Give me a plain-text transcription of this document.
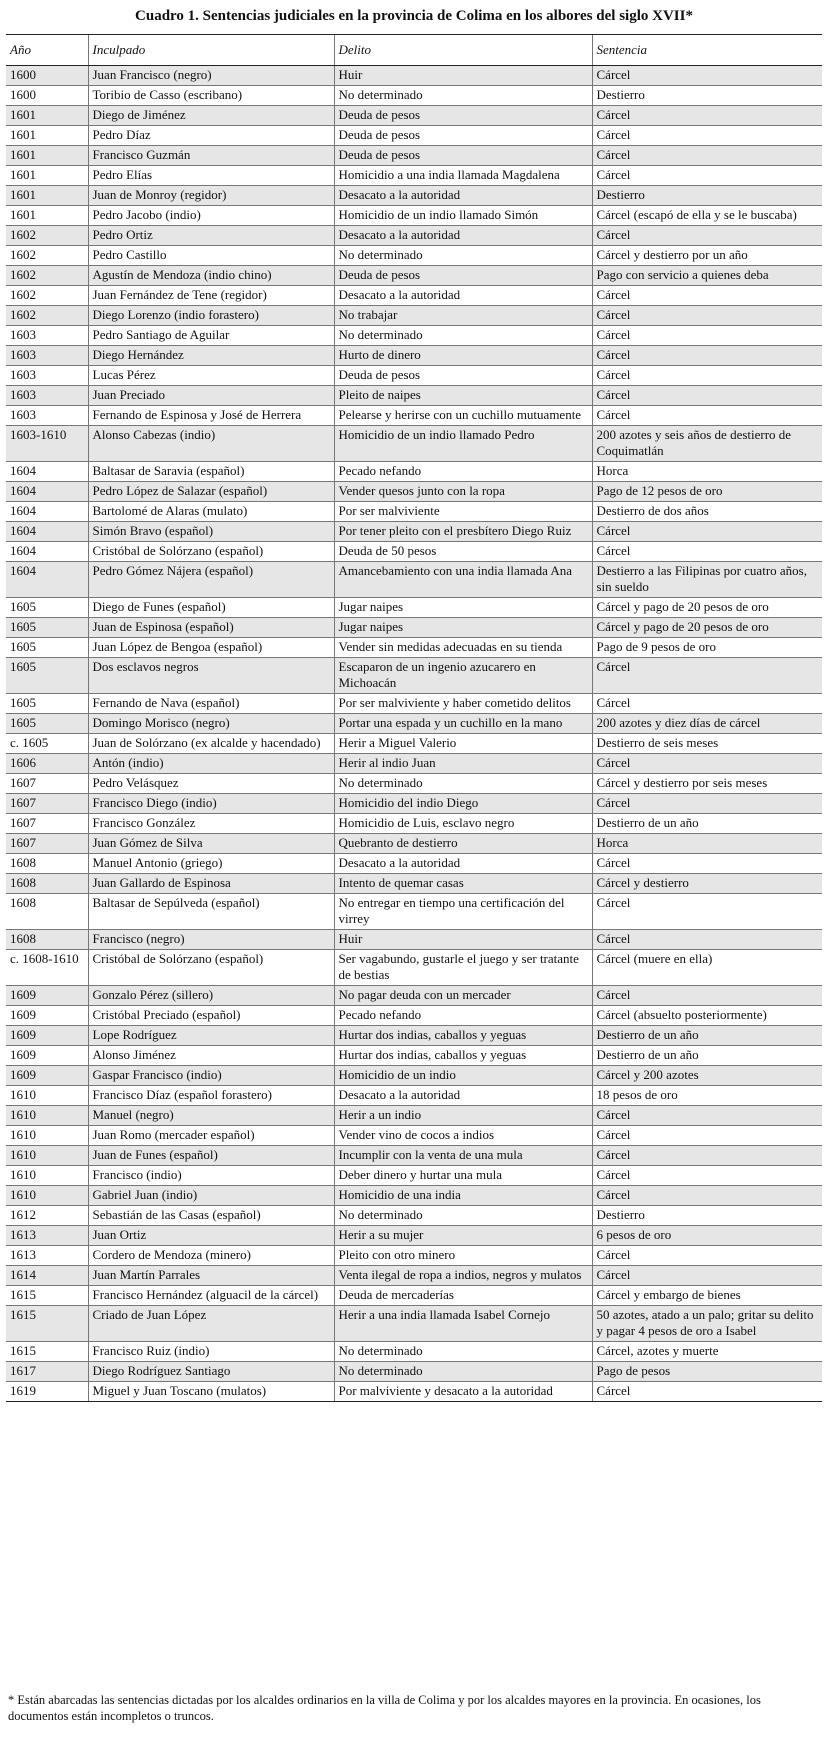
Cuadro 1. Sentencias judiciales en la provincia de Colima en los albores del siglo XVII*
Año	Inculpado	Delito	Sentencia
1600	Juan Francisco (negro)	Huir	Cárcel
1600	Toribio de Casso (escribano)	No determinado	Destierro
1601	Diego de Jiménez	Deuda de pesos	Cárcel
1601	Pedro Díaz	Deuda de pesos	Cárcel
1601	Francisco Guzmán	Deuda de pesos	Cárcel
1601	Pedro Elías	Homicidio a una india llamada Magdalena	Cárcel
1601	Juan de Monroy (regidor)	Desacato a la autoridad	Destierro
1601	Pedro Jacobo (indio)	Homicidio de un indio llamado Simón	Cárcel (escapó de ella y se le buscaba)
1602	Pedro Ortiz	Desacato a la autoridad	Cárcel
1602	Pedro Castillo	No determinado	Cárcel y destierro por un año
1602	Agustín de Mendoza (indio chino)	Deuda de pesos	Pago con servicio a quienes deba
1602	Juan Fernández de Tene (regidor)	Desacato a la autoridad	Cárcel
1602	Diego Lorenzo (indio forastero)	No trabajar	Cárcel
1603	Pedro Santiago de Aguilar	No determinado	Cárcel
1603	Diego Hernández	Hurto de dinero	Cárcel
1603	Lucas Pérez	Deuda de pesos	Cárcel
1603	Juan Preciado	Pleito de naipes	Cárcel
1603	Fernando de Espinosa y José de Herrera	Pelearse y herirse con un cuchillo mutuamente	Cárcel
1603-1610	Alonso Cabezas (indio)	Homicidio de un indio llamado Pedro	200 azotes y seis años de destierro de Coquimatlán
1604	Baltasar de Saravia (español)	Pecado nefando	Horca
1604	Pedro López de Salazar (español)	Vender quesos junto con la ropa	Pago de 12 pesos de oro
1604	Bartolomé de Alaras (mulato)	Por ser malviviente	Destierro de dos años
1604	Simón Bravo (español)	Por tener pleito con el presbítero Diego Ruiz	Cárcel
1604	Cristóbal de Solórzano (español)	Deuda de 50 pesos	Cárcel
1604	Pedro Gómez Nájera (español)	Amancebamiento con una india llamada Ana	Destierro a las Filipinas por cuatro años, sin sueldo
1605	Diego de Funes (español)	Jugar naipes	Cárcel y pago de 20 pesos de oro
1605	Juan de Espinosa (español)	Jugar naipes	Cárcel y pago de 20 pesos de oro
1605	Juan López de Bengoa (español)	Vender sin medidas adecuadas en su tienda	Pago de 9 pesos de oro
1605	Dos esclavos negros	Escaparon de un ingenio azucarero en Michoacán	Cárcel
1605	Fernando de Nava (español)	Por ser malviviente y haber cometido delitos	Cárcel
1605	Domingo Morisco (negro)	Portar una espada y un cuchillo en la mano	200 azotes y diez días de cárcel
c. 1605	Juan de Solórzano (ex alcalde y hacendado)	Herir a Miguel Valerio	Destierro de seis meses
1606	Antón (indio)	Herir al indio Juan	Cárcel
1607	Pedro Velásquez	No determinado	Cárcel y destierro por seis meses
1607	Francisco Diego (indio)	Homicidio del indio Diego	Cárcel
1607	Francisco González	Homicidio de Luis, esclavo negro	Destierro de un año
1607	Juan Gómez de Silva	Quebranto de destierro	Horca
1608	Manuel Antonio (griego)	Desacato a la autoridad	Cárcel
1608	Juan Gallardo de Espinosa	Intento de quemar casas	Cárcel y destierro
1608	Baltasar de Sepúlveda (español)	No entregar en tiempo una certificación del virrey	Cárcel
1608	Francisco (negro)	Huir	Cárcel
c. 1608-1610	Cristóbal de Solórzano (español)	Ser vagabundo, gustarle el juego y ser tratante de bestias	Cárcel (muere en ella)
1609	Gonzalo Pérez (sillero)	No pagar deuda con un mercader	Cárcel
1609	Cristóbal Preciado (español)	Pecado nefando	Cárcel (absuelto posteriormente)
1609	Lope Rodríguez	Hurtar dos indias, caballos y yeguas	Destierro de un año
1609	Alonso Jiménez	Hurtar dos indias, caballos y yeguas	Destierro de un año
1609	Gaspar Francisco (indio)	Homicidio de un indio	Cárcel y 200 azotes
1610	Francisco Díaz (español forastero)	Desacato a la autoridad	18 pesos de oro
1610	Manuel (negro)	Herir a un indio	Cárcel
1610	Juan Romo (mercader español)	Vender vino de cocos a indios	Cárcel
1610	Juan de Funes (español)	Incumplir con la venta de una mula	Cárcel
1610	Francisco (indio)	Deber dinero y hurtar una mula	Cárcel
1610	Gabriel Juan (indio)	Homicidio de una india	Cárcel
1612	Sebastián de las Casas (español)	No determinado	Destierro
1613	Juan Ortiz	Herir a su mujer	6 pesos de oro
1613	Cordero de Mendoza (minero)	Pleito con otro minero	Cárcel
1614	Juan Martín Parrales	Venta ilegal de ropa a indios, negros y mulatos	Cárcel
1615	Francisco Hernández (alguacil de la cárcel)	Deuda de mercaderías	Cárcel y embargo de bienes
1615	Criado de Juan López	Herir a una india llamada Isabel Cornejo	50 azotes, atado a un palo; gritar su delito y pagar 4 pesos de oro a Isabel
1615	Francisco Ruiz (indio)	No determinado	Cárcel, azotes y muerte
1617	Diego Rodríguez Santiago	No determinado	Pago de pesos
1619	Miguel y Juan Toscano (mulatos)	Por malviviente y desacato a la autoridad	Cárcel
* Están abarcadas las sentencias dictadas por los alcaldes ordinarios en la villa de Colima y por los alcaldes mayores en la provincia. En ocasiones, los documentos están incompletos o truncos.
